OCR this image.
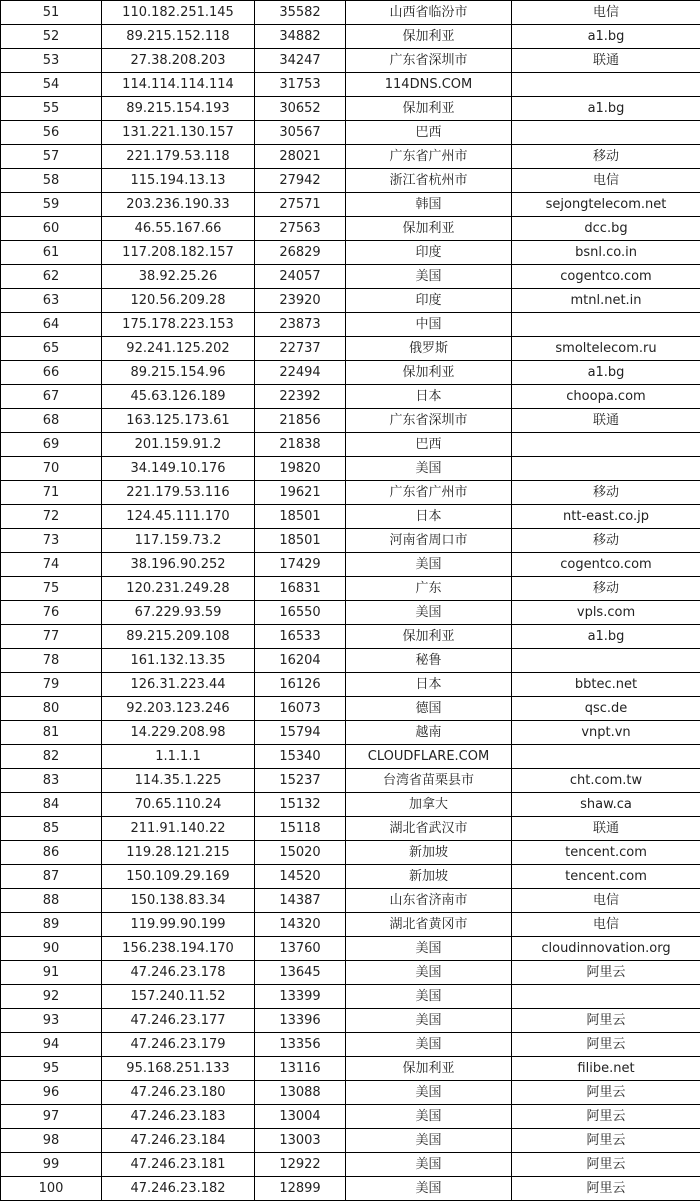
51	110.182.251.145	35582	山西省临汾市	电信
52	89.215.152.118	34882	保加利亚	a1.bg
53	27.38.208.203	34247	广东省深圳市	联通
54	114.114.114.114	31753	114DNS.COM	
55	89.215.154.193	30652	保加利亚	a1.bg
56	131.221.130.157	30567	巴西	
57	221.179.53.118	28021	广东省广州市	移动
58	115.194.13.13	27942	浙江省杭州市	电信
59	203.236.190.33	27571	韩国	sejongtelecom.net
60	46.55.167.66	27563	保加利亚	dcc.bg
61	117.208.182.157	26829	印度	bsnl.co.in
62	38.92.25.26	24057	美国	cogentco.com
63	120.56.209.28	23920	印度	mtnl.net.in
64	175.178.223.153	23873	中国	
65	92.241.125.202	22737	俄罗斯	smoltelecom.ru
66	89.215.154.96	22494	保加利亚	a1.bg
67	45.63.126.189	22392	日本	choopa.com
68	163.125.173.61	21856	广东省深圳市	联通
69	201.159.91.2	21838	巴西	
70	34.149.10.176	19820	美国	
71	221.179.53.116	19621	广东省广州市	移动
72	124.45.111.170	18501	日本	ntt-east.co.jp
73	117.159.73.2	18501	河南省周口市	移动
74	38.196.90.252	17429	美国	cogentco.com
75	120.231.249.28	16831	广东	移动
76	67.229.93.59	16550	美国	vpls.com
77	89.215.209.108	16533	保加利亚	a1.bg
78	161.132.13.35	16204	秘鲁	
79	126.31.223.44	16126	日本	bbtec.net
80	92.203.123.246	16073	德国	qsc.de
81	14.229.208.98	15794	越南	vnpt.vn
82	1.1.1.1	15340	CLOUDFLARE.COM	
83	114.35.1.225	15237	台湾省苗栗县市	cht.com.tw
84	70.65.110.24	15132	加拿大	shaw.ca
85	211.91.140.22	15118	湖北省武汉市	联通
86	119.28.121.215	15020	新加坡	tencent.com
87	150.109.29.169	14520	新加坡	tencent.com
88	150.138.83.34	14387	山东省济南市	电信
89	119.99.90.199	14320	湖北省黄冈市	电信
90	156.238.194.170	13760	美国	cloudinnovation.org
91	47.246.23.178	13645	美国	阿里云
92	157.240.11.52	13399	美国	
93	47.246.23.177	13396	美国	阿里云
94	47.246.23.179	13356	美国	阿里云
95	95.168.251.133	13116	保加利亚	filibe.net
96	47.246.23.180	13088	美国	阿里云
97	47.246.23.183	13004	美国	阿里云
98	47.246.23.184	13003	美国	阿里云
99	47.246.23.181	12922	美国	阿里云
100	47.246.23.182	12899	美国	阿里云
